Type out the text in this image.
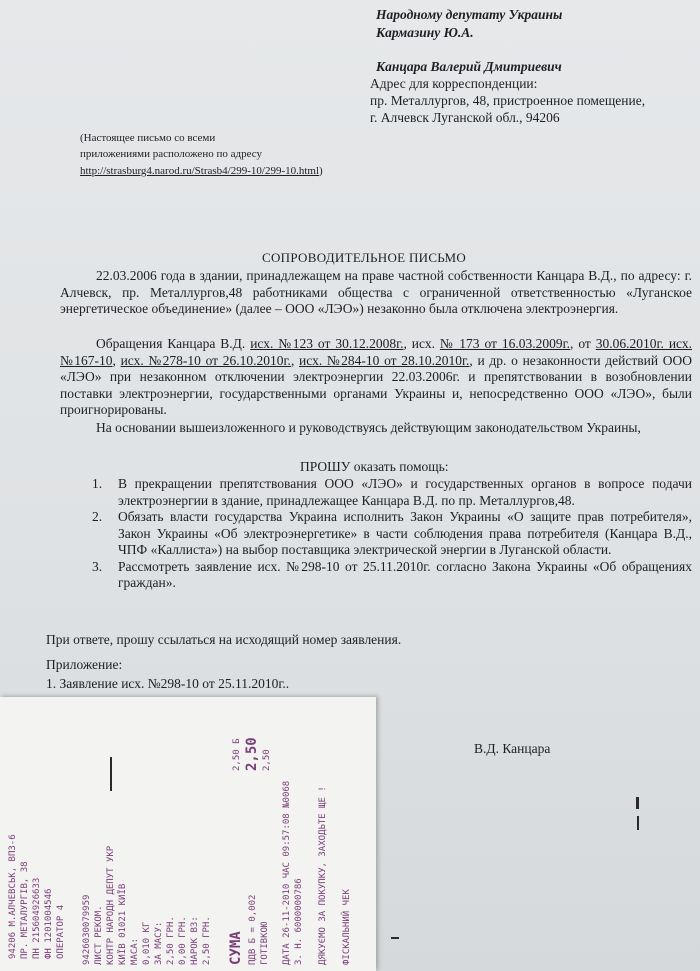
Народному депутату Украины
Кармазину Ю.А.
Канцара Валерий Дмитриевич
Адрес для корреспонденции:
пр. Металлургов, 48, пристроенное помещение,
г. Алчевск Луганской обл., 94206
(Настоящее письмо со всеми
приложениями расположено по адресу
http://strasburg4.narod.ru/Strasb4/299-10/299-10.html)
СОПРОВОДИТЕЛЬНОЕ ПИСЬМО
22.03.2006 года в здании, принадлежащем на праве частной собственности Канцара В.Д., по адресу: г. Алчевск, пр. Металлургов,48 работниками общества с ограниченной ответственностью «Луганское энергетическое объединение» (далее – ООО «ЛЭО») незаконно была отключена электроэнергия.
Обращения Канцара В.Д. исх. №123 от 30.12.2008г., исх. № 173 от 16.03.2009г., от 30.06.2010г. исх. №167-10, исх. №278-10 от 26.10.2010г., исх. №284-10 от 28.10.2010г., и др. о незаконности действий ООО «ЛЭО» при незаконном отключении электроэнергии 22.03.2006г. и препятствовании в возобновлении поставки электроэнергии, государственными органами Украины и, непосредственно ООО «ЛЭО», были проигнорированы.
На основании вышеизложенного и руководствуясь действующим законодательством Украины,
ПРОШУ оказать помощь:
1.	В прекращении препятствования ООО «ЛЭО» и государственных органов в вопросе подачи электроэнергии в здание, принадлежащее Канцара В.Д. по пр. Металлургов,48.
2.	Обязать власти государства Украина исполнить Закон Украины «О защите прав потребителя», Закон Украины «Об электроэнергетике» в части соблюдения права потребителя (Канцара В.Д., ЧПФ «Каллиста») на выбор поставщика электрической энергии в Луганской области.
3.	Рассмотреть заявление исх. №298-10 от 25.11.2010г. согласно Закона Украины «Об обращениях граждан».
При ответе, прошу ссылаться на исходящий номер заявления.
Приложение:
1. Заявление исх. №298-10 от 25.11.2010г..
В.Д. Канцара
94206 М.АЛЧЕВСЬК, ВПЗ-6 ПР. МЕТАЛУРГІВ, 38 ПН 215604926633 ФН 1201004546 ОПЕРАТОР 4 9426030079959 ЛИСТ РЕКОМ. КОНТР НАРОДН ДЕПУТ УКР КИЇВ 01021 КИЇВ МАСА: 0,010 КГ ЗА МАСУ: 2,50 ГРН. 0,00 ГРН. НАРОК ВЗ: 2,50 ГРН. СУМА ПДВ Б = 0,002 ГОТІВКОЮ ДАТА 26-11-2010 ЧАС 09:57:08 №0068 З. Н. 6000000786 ДЯКУЄМО ЗА ПОКУПКУ, ЗАХОДЬТЕ ЩЕ ! ФІСКАЛЬНИЙ ЧЕК
2,50 Б 2,50 2,50
